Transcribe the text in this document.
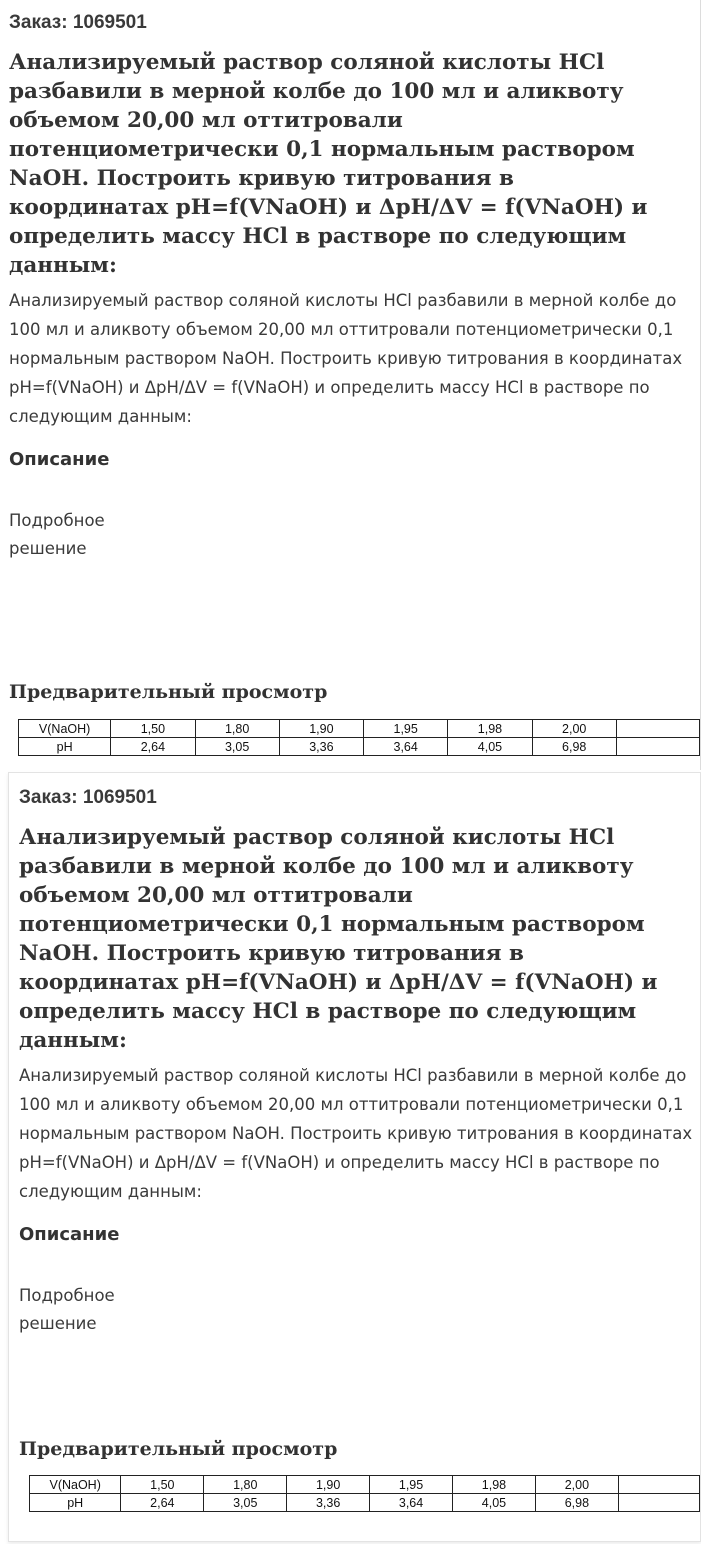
Заказ: 1069501
Анализируемый раствор соляной кислоты HCl разбавили в мерной колбе до 100 мл и аликвоту объемом 20,00 мл оттитровали потенциометрически 0,1 нормальным раствором NaOH. Построить кривую титрования в координатах pH=f(VNaOH) и ΔpH/ΔV = f(VNaOH) и определить массу HCl в растворе по следующим данным:
Анализируемый раствор соляной кислоты HCl разбавили в мерной колбе до 100 мл и аликвоту объемом 20,00 мл оттитровали потенциометрически 0,1 нормальным раствором NaOH. Построить кривую титрования в координатах pH=f(VNaOH) и ΔpH/ΔV = f(VNaOH) и определить массу HCl в растворе по следующим данным:
Описание
Подробное решение
Предварительный просмотр
V(NaOH)	1,50	1,80	1,90	1,95	1,98	2,00	
pH	2,64	3,05	3,36	3,64	4,05	6,98	
Заказ: 1069501
Анализируемый раствор соляной кислоты HCl разбавили в мерной колбе до 100 мл и аликвоту объемом 20,00 мл оттитровали потенциометрически 0,1 нормальным раствором NaOH. Построить кривую титрования в координатах pH=f(VNaOH) и ΔpH/ΔV = f(VNaOH) и определить массу HCl в растворе по следующим данным:
Анализируемый раствор соляной кислоты HCl разбавили в мерной колбе до 100 мл и аликвоту объемом 20,00 мл оттитровали потенциометрически 0,1 нормальным раствором NaOH. Построить кривую титрования в координатах pH=f(VNaOH) и ΔpH/ΔV = f(VNaOH) и определить массу HCl в растворе по следующим данным:
Описание
Подробное решение
Предварительный просмотр
V(NaOH)	1,50	1,80	1,90	1,95	1,98	2,00	
pH	2,64	3,05	3,36	3,64	4,05	6,98	
